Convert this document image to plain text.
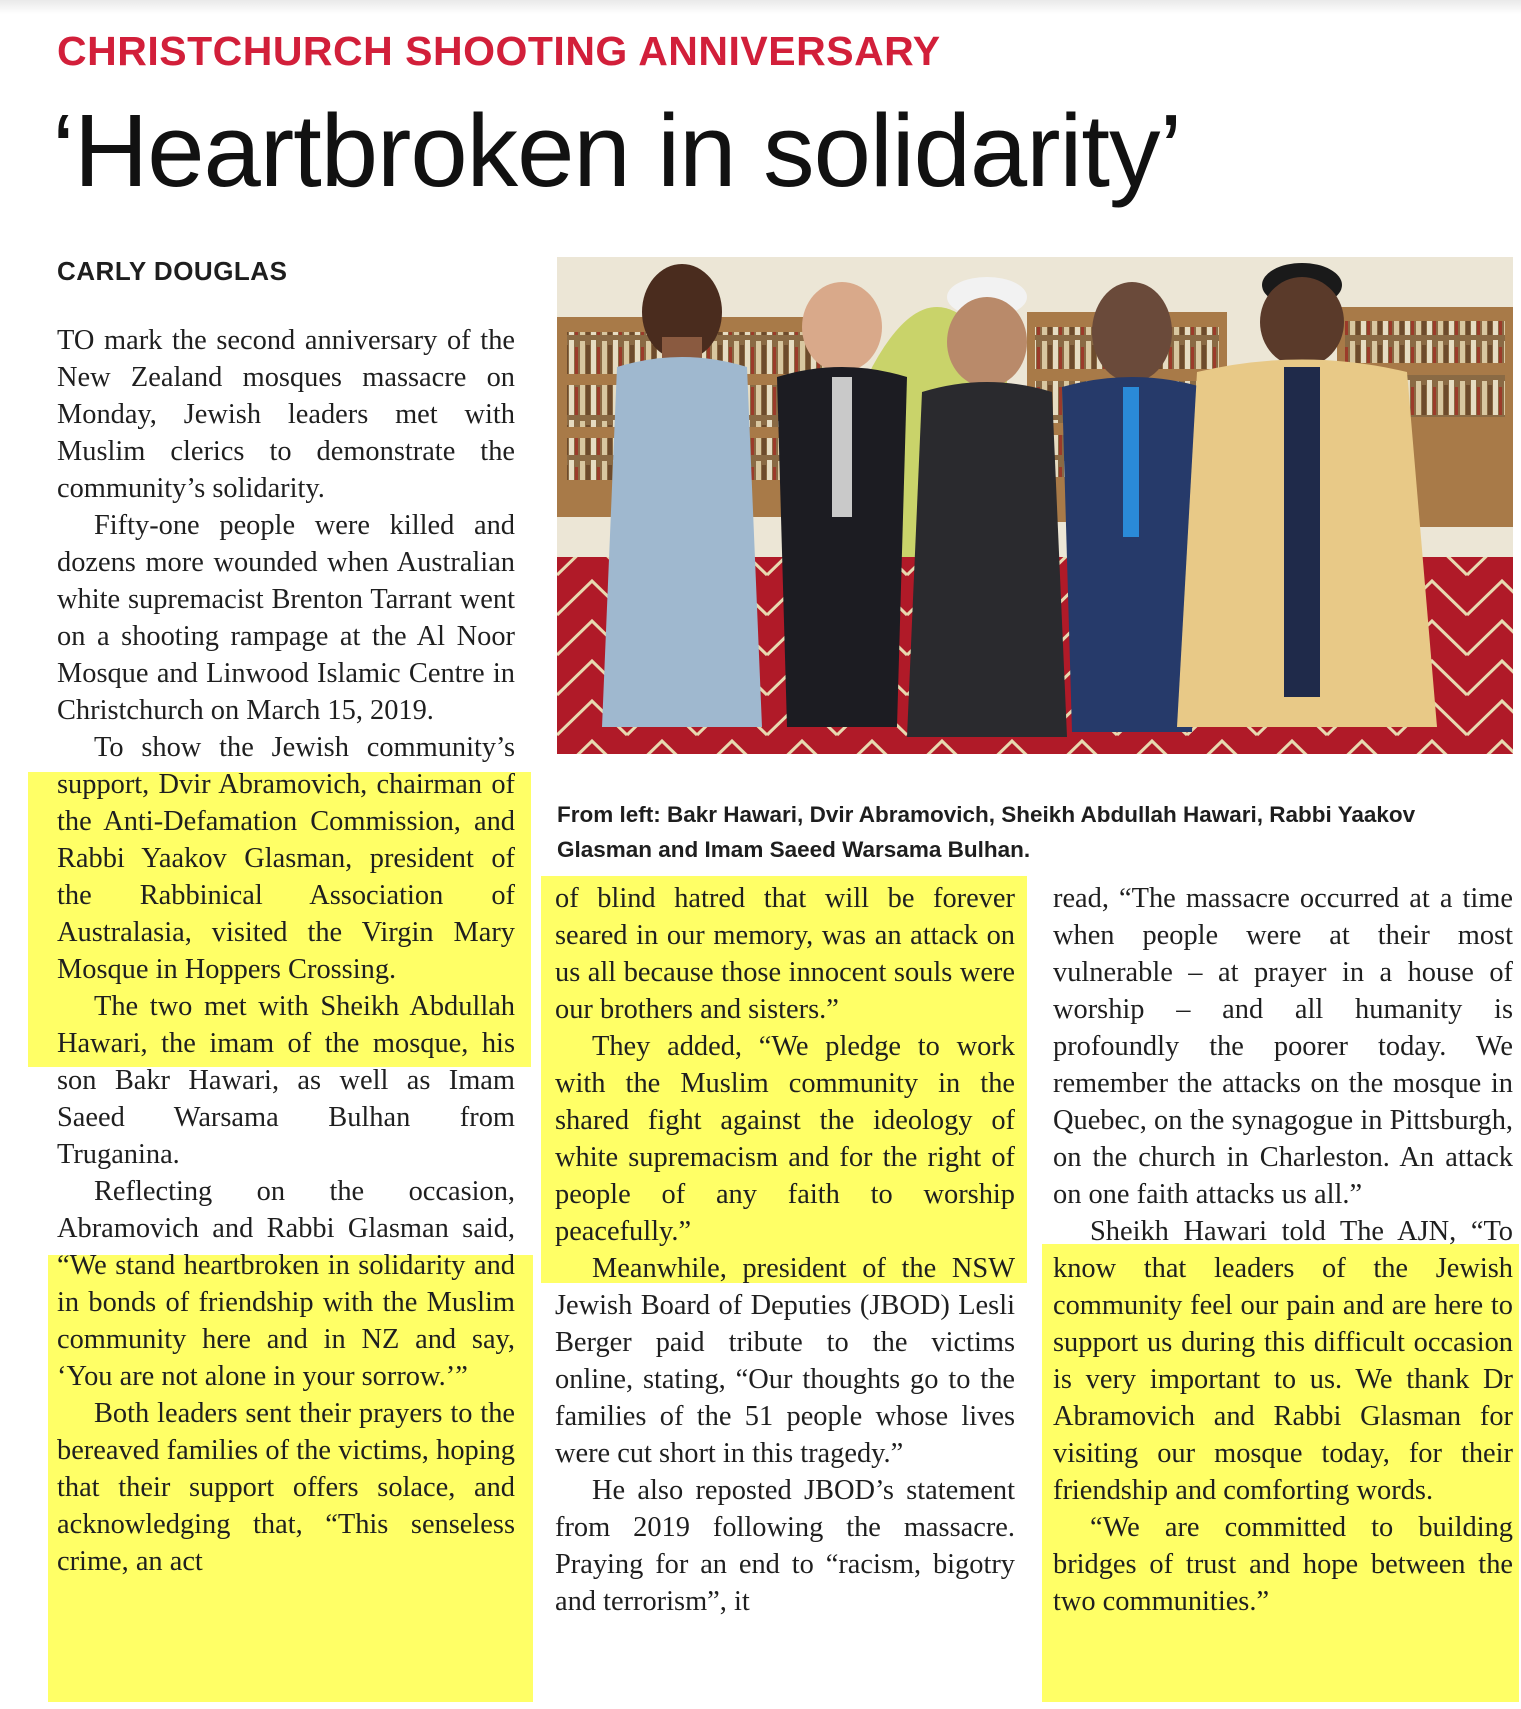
CHRISTCHURCH SHOOTING ANNIVERSARY
‘Heartbroken in solidarity’
CARLY DOUGLAS

TO mark the second anniversary of the New Zealand mosques massacre on Monday, Jewish leaders met with Muslim clerics to demonstrate the community’s solidarity.

Fifty-one people were killed and dozens more wounded when Australian white supremacist Brenton Tarrant went on a shooting rampage at the Al Noor Mosque and Linwood Islamic Centre in Christchurch on March 15, 2019.

To show the Jewish community’s support, Dvir Abramovich, chairman of the Anti-Defamation Commission, and Rabbi Yaakov Glasman, president of the Rabbinical Association of Australasia, visited the Virgin Mary Mosque in Hoppers Crossing.

The two met with Sheikh Abdullah Hawari, the imam of the mosque, his son Bakr Hawari, as well as Imam Saeed Warsama Bulhan from Truganina.

Reflecting on the occasion, Abramovich and Rabbi Glasman said, “We stand heartbroken in solidarity and in bonds of friendship with the Muslim community here and in NZ and say, ‘You are not alone in your sorrow.’”

Both leaders sent their prayers to the bereaved families of the victims, hoping that their support offers solace, and acknowledging that, “This senseless crime, an act

From left: Bakr Hawari, Dvir Abramovich, Sheikh Abdullah Hawari, Rabbi Yaakov Glasman and Imam Saeed Warsama Bulhan.

of blind hatred that will be forever seared in our memory, was an attack on us all because those innocent souls were our brothers and sisters.”

They added, “We pledge to work with the Muslim community in the shared fight against the ideology of white supremacism and for the right of people of any faith to worship peacefully.”

Meanwhile, president of the NSW Jewish Board of Deputies (JBOD) Lesli Berger paid tribute to the victims online, stating, “Our thoughts go to the families of the 51 people whose lives were cut short in this tragedy.”

He also reposted JBOD’s statement from 2019 following the massacre. Praying for an end to “racism, bigotry and terrorism”, it

read, “The massacre occurred at a time when people were at their most vulnerable – at prayer in a house of worship – and all humanity is profoundly the poorer today. We remember the attacks on the mosque in Quebec, on the synagogue in Pittsburgh, on the church in Charleston. An attack on one faith attacks us all.”

Sheikh Hawari told The AJN, “To know that leaders of the Jewish community feel our pain and are here to support us during this difficult occasion is very important to us. We thank Dr Abramovich and Rabbi Glasman for visiting our mosque today, for their friendship and comforting words.

“We are committed to building bridges of trust and hope between the two communities.”
